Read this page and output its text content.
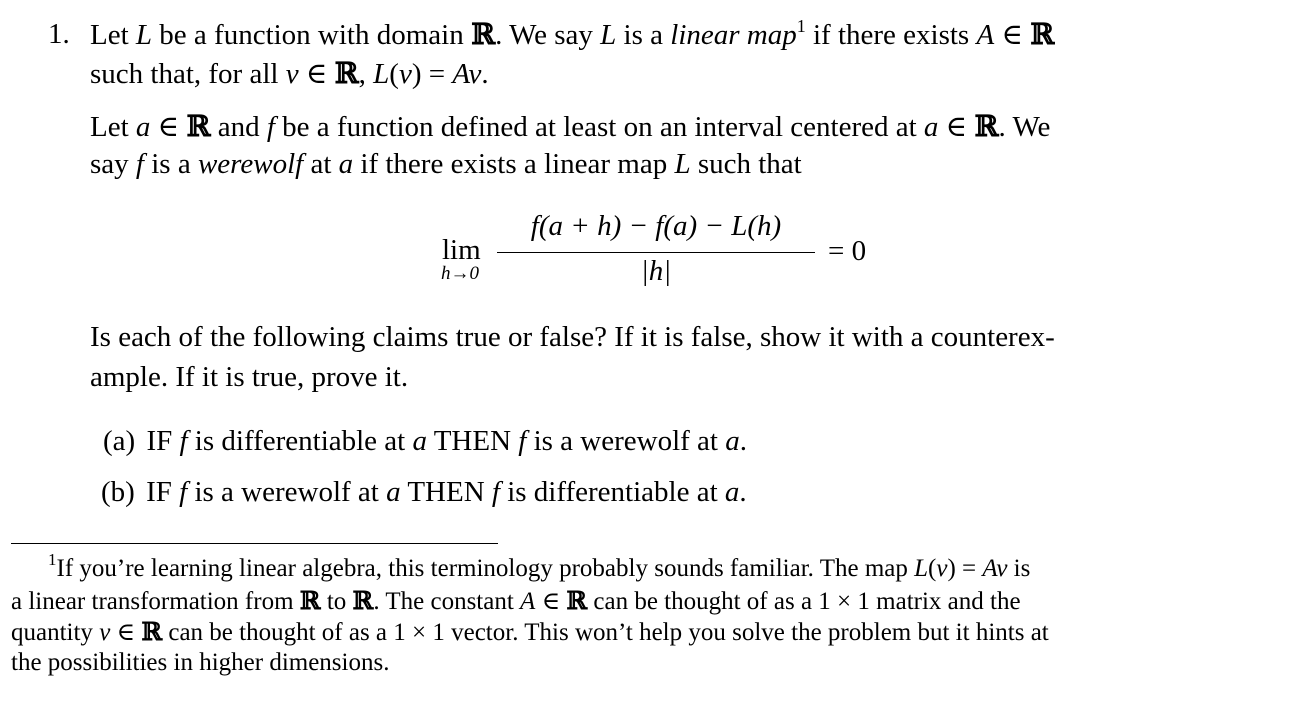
1. Let L be a function with domain ℝ. We say L is a linear map$^1$ if there exists A ∈ ℝ
such that, for all v ∈ ℝ, L(v) = Av.
Let a ∈ ℝ and f be a function defined at least on an interval centered at a ∈ ℝ. We
say f is a werewolf at a if there exists a linear map L such that
lim
h→0
f(a + h) − f(a) − L(h)
|h|
= 0
Is each of the following claims true or false? If it is false, show it with a counterex-
ample. If it is true, prove it.
(a) IF f is differentiable at a THEN f is a werewolf at a.
(b) IF f is a werewolf at a THEN f is differentiable at a.
$^1$If you’re learning linear algebra, this terminology probably sounds familiar. The map L(v) = Av is
a linear transformation from ℝ to ℝ. The constant A ∈ ℝ can be thought of as a 1 × 1 matrix and the
quantity v ∈ ℝ can be thought of as a 1 × 1 vector. This won’t help you solve the problem but it hints at
the possibilities in higher dimensions.
